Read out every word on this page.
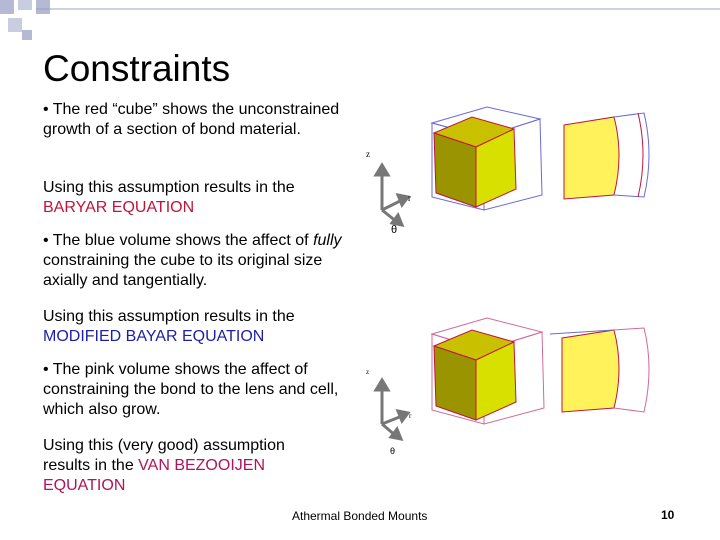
Constraints

• The red “cube” shows the unconstrained growth of a section of bond material.

Using this assumption results in the
BARYAR EQUATION

• The blue volume shows the affect of fully constraining the cube to its original size axially and tangentially.

Using this assumption results in the
MODIFIED BAYAR EQUATION

• The pink volume shows the affect of constraining the bond to the lens and cell, which also grow.

Using this (very good) assumption results in the VAN BEZOOIJEN EQUATION

z
r
θ
z
r
θ
Athermal Bonded Mounts	10
